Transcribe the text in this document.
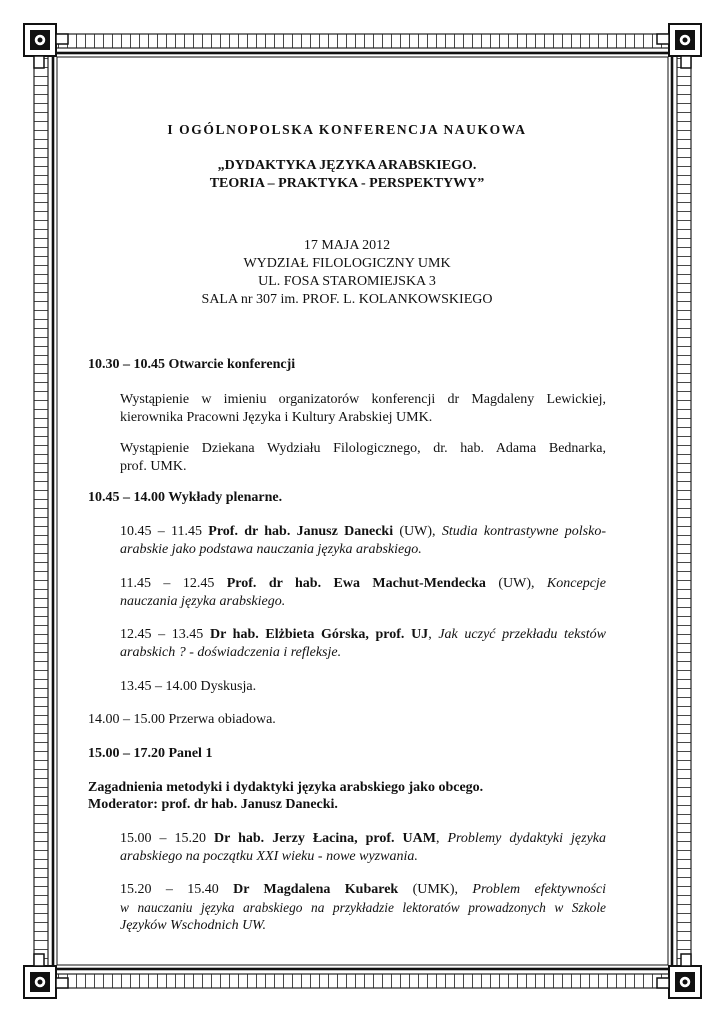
I OGÓLNOPOLSKA KONFERENCJA NAUKOWA
„DYDAKTYKA JĘZYKA ARABSKIEGO.
TEORIA – PRAKTYKA - PERSPEKTYWY”
17 MAJA 2012
WYDZIAŁ FILOLOGICZNY UMK
UL. FOSA STAROMIEJSKA 3
SALA nr 307 im. PROF. L. KOLANKOWSKIEGO
10.30 – 10.45 Otwarcie konferencji
Wystąpienie w imieniu organizatorów konferencji dr Magdaleny Lewickiej,
kierownika Pracowni Języka i Kultury Arabskiej UMK.
Wystąpienie Dziekana Wydziału Filologicznego, dr. hab. Adama Bednarka,
prof. UMK.
10.45 – 14.00 Wykłady plenarne.
10.45 – 11.45 Prof. dr hab. Janusz Danecki (UW), Studia kontrastywne polsko-
arabskie jako podstawa nauczania języka arabskiego.
11.45 – 12.45 Prof. dr hab. Ewa Machut-Mendecka (UW), Koncepcje
nauczania języka arabskiego.
12.45 – 13.45 Dr hab. Elżbieta Górska, prof. UJ, Jak uczyć przekładu tekstów
arabskich ? - doświadczenia i refleksje.
13.45 – 14.00 Dyskusja.
14.00 – 15.00 Przerwa obiadowa.
15.00 – 17.20 Panel 1
Zagadnienia metodyki i dydaktyki języka arabskiego jako obcego.
Moderator: prof. dr hab. Janusz Danecki.
15.00 – 15.20 Dr hab. Jerzy Łacina, prof. UAM, Problemy dydaktyki języka
arabskiego na początku XXI wieku - nowe wyzwania.
15.20 – 15.40 Dr Magdalena Kubarek (UMK), Problem efektywności
w nauczaniu języka arabskiego na przykładzie lektoratów prowadzonych w Szkole
Języków Wschodnich UW.
